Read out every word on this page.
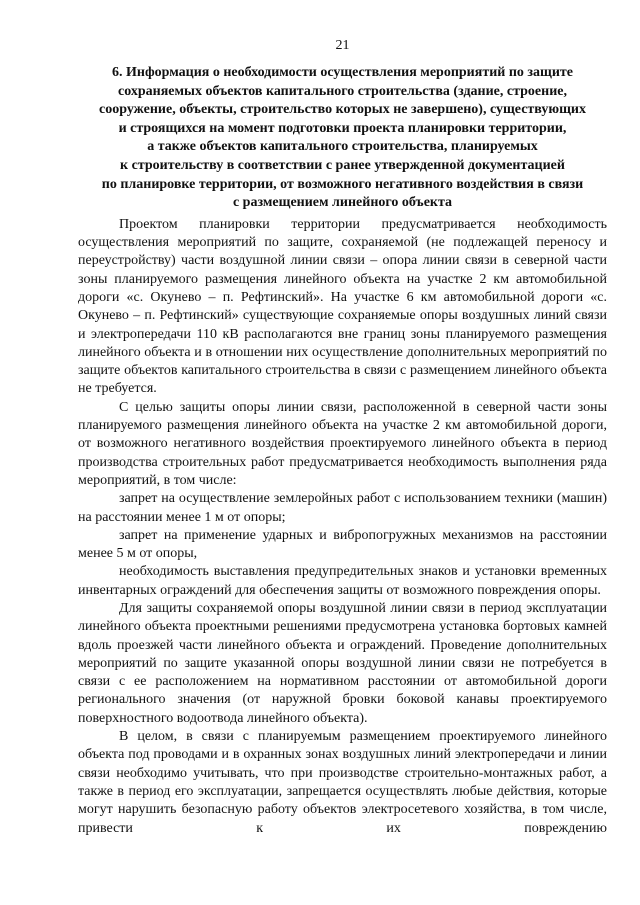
21
6. Информация о необходимости осуществления мероприятий по защите
сохраняемых объектов капитального строительства (здание, строение,
сооружение, объекты, строительство которых не завершено), существующих
и строящихся на момент подготовки проекта планировки территории,
а также объектов капитального строительства, планируемых
к строительству в соответствии с ранее утвержденной документацией
по планировке территории, от возможного негативного воздействия в связи
с размещением линейного объекта

Проектом планировки территории предусматривается необходимость осуществления мероприятий по защите, сохраняемой (не подлежащей переносу и переустройству) части воздушной линии связи – опора линии связи в северной части зоны планируемого размещения линейного объекта на участке 2 км автомобильной дороги «с. Окунево – п. Рефтинский». На участке 6 км автомобильной дороги «с. Окунево – п. Рефтинский» существующие сохраняемые опоры воздушных линий связи и электропередачи 110 кВ располагаются вне границ зоны планируемого размещения линейного объекта и в отношении них осуществление дополнительных мероприятий по защите объектов капитального строительства в связи с размещением линейного объекта не требуется.

С целью защиты опоры линии связи, расположенной в северной части зоны планируемого размещения линейного объекта на участке 2 км автомобильной дороги, от возможного негативного воздействия проектируемого линейного объекта в период производства строительных работ предусматривается необходимость выполнения ряда мероприятий, в том числе:

запрет на осуществление землеройных работ с использованием техники (машин) на расстоянии менее 1 м от опоры;

запрет на применение ударных и вибропогружных механизмов на расстоянии менее 5 м от опоры,

необходимость выставления предупредительных знаков и установки временных инвентарных ограждений для обеспечения защиты от возможного повреждения опоры.

Для защиты сохраняемой опоры воздушной линии связи в период эксплуатации линейного объекта проектными решениями предусмотрена установка бортовых камней вдоль проезжей части линейного объекта и ограждений. Проведение дополнительных мероприятий по защите указанной опоры воздушной линии связи не потребуется в связи с ее расположением на нормативном расстоянии от автомобильной дороги регионального значения (от наружной бровки боковой канавы проектируемого поверхностного водоотвода линейного объекта).

В целом, в связи с планируемым размещением проектируемого линейного объекта под проводами и в охранных зонах воздушных линий электропередачи и линии связи необходимо учитывать, что при производстве строительно-монтажных работ, а также в период его эксплуатации, запрещается осуществлять любые действия, которые могут нарушить безопасную работу объектов электросетевого хозяйства, в том числе, привести к их повреждению
